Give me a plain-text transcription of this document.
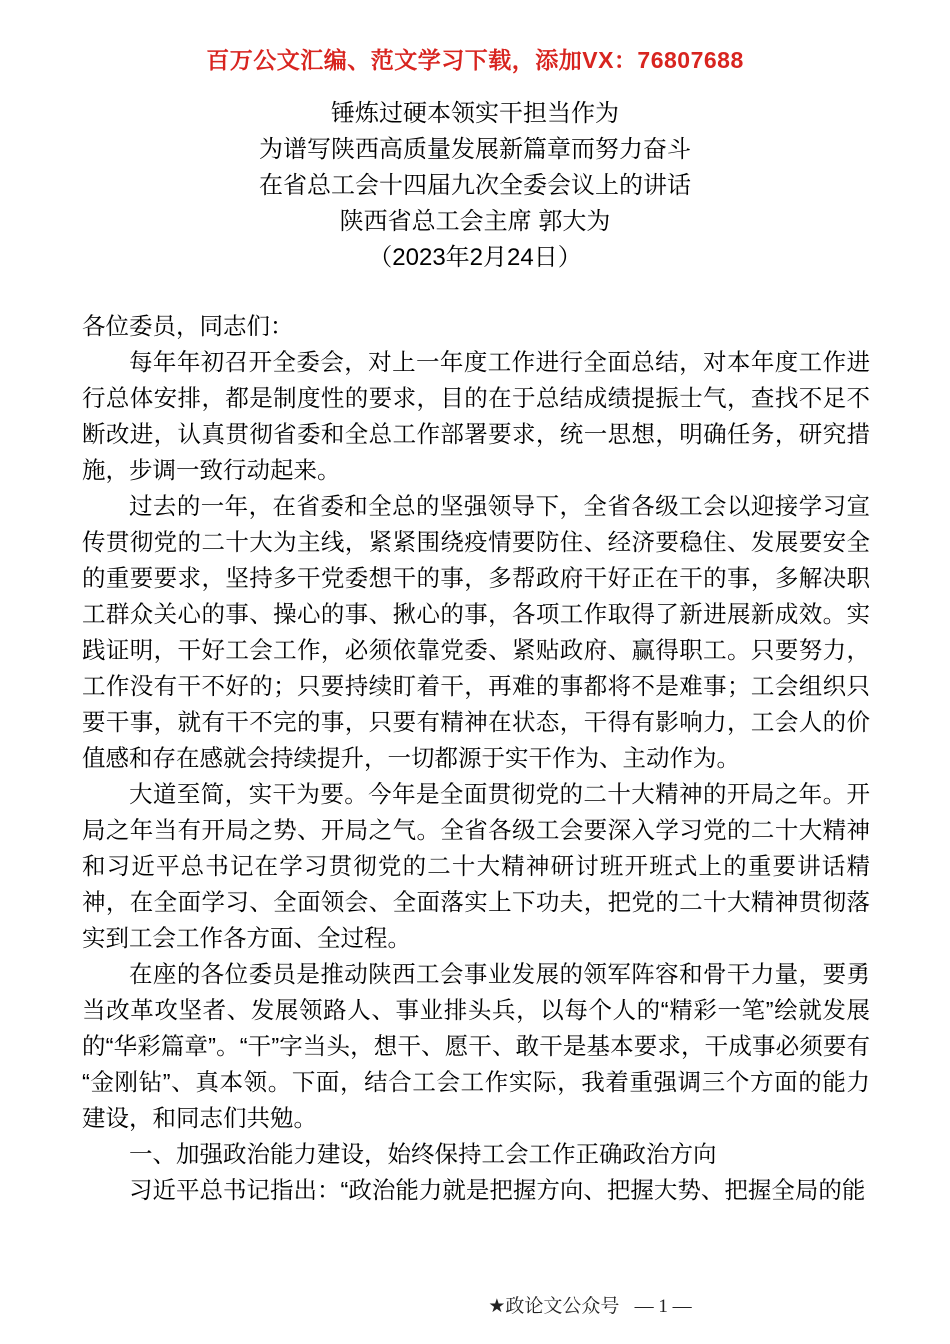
百万公文汇编、范文学习下载，添加VX：76807688
锤炼过硬本领实干担当作为
为谱写陕西高质量发展新篇章而努力奋斗
在省总工会十四届九次全委会议上的讲话
陕西省总工会主席 郭大为
（2023年2月24日）

各位委员，同志们：

每年年初召开全委会，对上一年度工作进行全面总结，对本年度工作进行总体安排，都是制度性的要求，目的在于总结成绩提振士气，查找不足不断改进，认真贯彻省委和全总工作部署要求，统一思想，明确任务，研究措施，步调一致行动起来。

过去的一年，在省委和全总的坚强领导下，全省各级工会以迎接学习宣传贯彻党的二十大为主线，紧紧围绕疫情要防住、经济要稳住、发展要安全的重要要求，坚持多干党委想干的事，多帮政府干好正在干的事，多解决职工群众关心的事、操心的事、揪心的事，各项工作取得了新进展新成效。实践证明，干好工会工作，必须依靠党委、紧贴政府、赢得职工。只要努力，工作没有干不好的；只要持续盯着干，再难的事都将不是难事；工会组织只要干事，就有干不完的事，只要有精神在状态，干得有影响力，工会人的价值感和存在感就会持续提升，一切都源于实干作为、主动作为。

大道至简，实干为要。今年是全面贯彻党的二十大精神的开局之年。开局之年当有开局之势、开局之气。全省各级工会要深入学习党的二十大精神和习近平总书记在学习贯彻党的二十大精神研讨班开班式上的重要讲话精神，在全面学习、全面领会、全面落实上下功夫，把党的二十大精神贯彻落实到工会工作各方面、全过程。

在座的各位委员是推动陕西工会事业发展的领军阵容和骨干力量，要勇当改革攻坚者、发展领路人、事业排头兵，以每个人的“精彩一笔”绘就发展的“华彩篇章”。“干”字当头，想干、愿干、敢干是基本要求，干成事必须要有“金刚钻”、真本领。下面，结合工会工作实际，我着重强调三个方面的能力建设，和同志们共勉。

一、加强政治能力建设，始终保持工会工作正确政治方向

习近平总书记指出：“政治能力就是把握方向、把握大势、把握全局的能

★政论文公众号 — 1 —
